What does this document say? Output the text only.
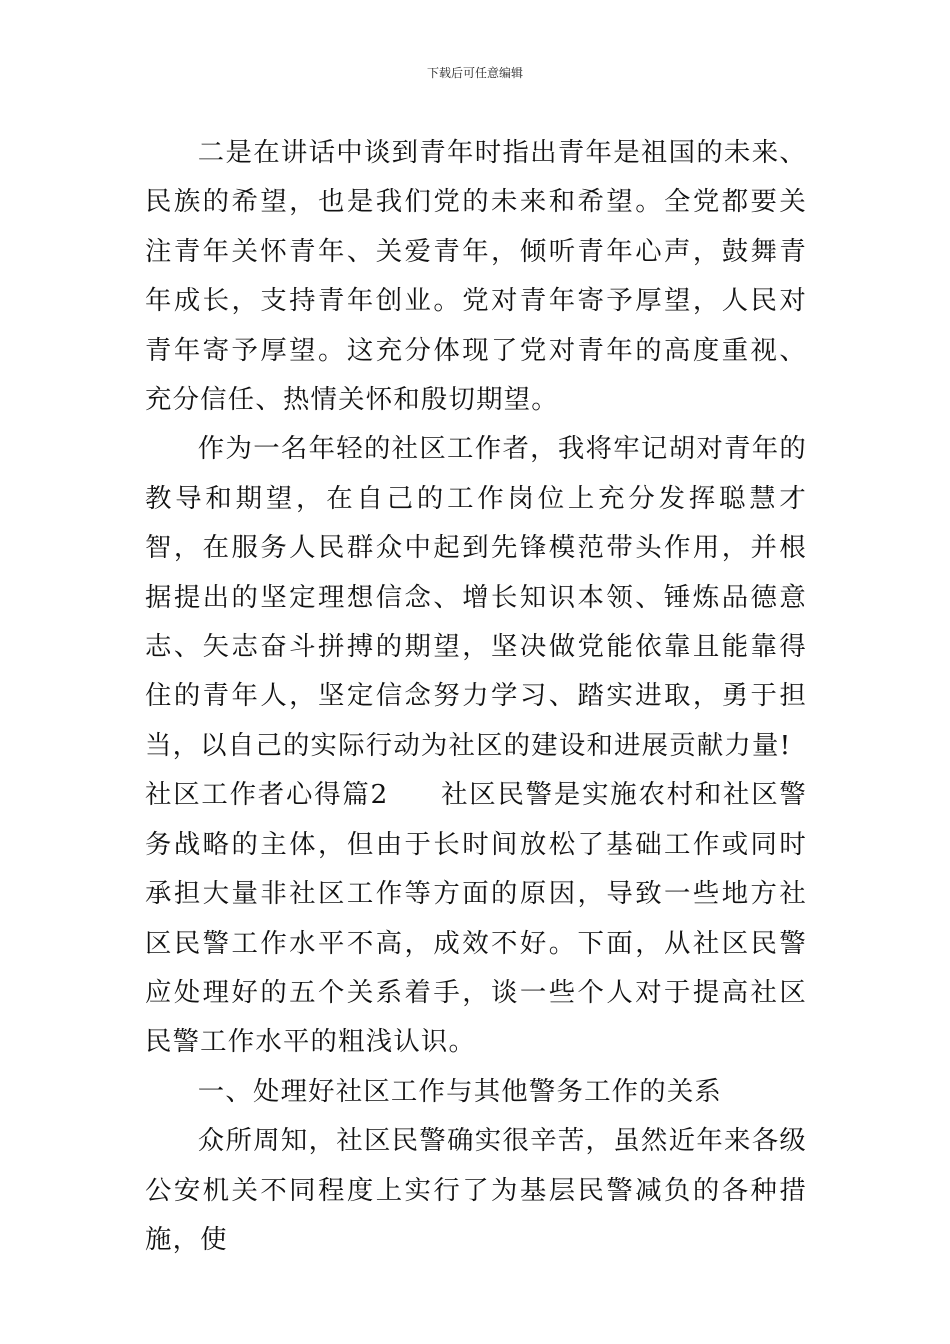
下载后可任意编辑

二是在讲话中谈到青年时指出青年是祖国的未来、民族的希望，也是我们党的未来和希望。全党都要关注青年关怀青年、关爱青年，倾听青年心声，鼓舞青年成长，支持青年创业。党对青年寄予厚望，人民对青年寄予厚望。这充分体现了党对青年的高度重视、充分信任、热情关怀和殷切期望。

作为一名年轻的社区工作者，我将牢记胡对青年的教导和期望，在自己的工作岗位上充分发挥聪慧才智，在服务人民群众中起到先锋模范带头作用，并根据提出的坚定理想信念、增长知识本领、锤炼品德意志、矢志奋斗拼搏的期望，坚决做党能依靠且能靠得住的青年人，坚定信念努力学习、踏实进取，勇于担当，以自己的实际行动为社区的建设和进展贡献力量!

社区工作者心得篇2 社区民警是实施农村和社区警务战略的主体，但由于长时间放松了基础工作或同时承担大量非社区工作等方面的原因，导致一些地方社区民警工作水平不高，成效不好。下面，从社区民警应处理好的五个关系着手，谈一些个人对于提高社区民警工作水平的粗浅认识。

一、处理好社区工作与其他警务工作的关系

众所周知，社区民警确实很辛苦，虽然近年来各级公安机关不同程度上实行了为基层民警减负的各种措施，使
